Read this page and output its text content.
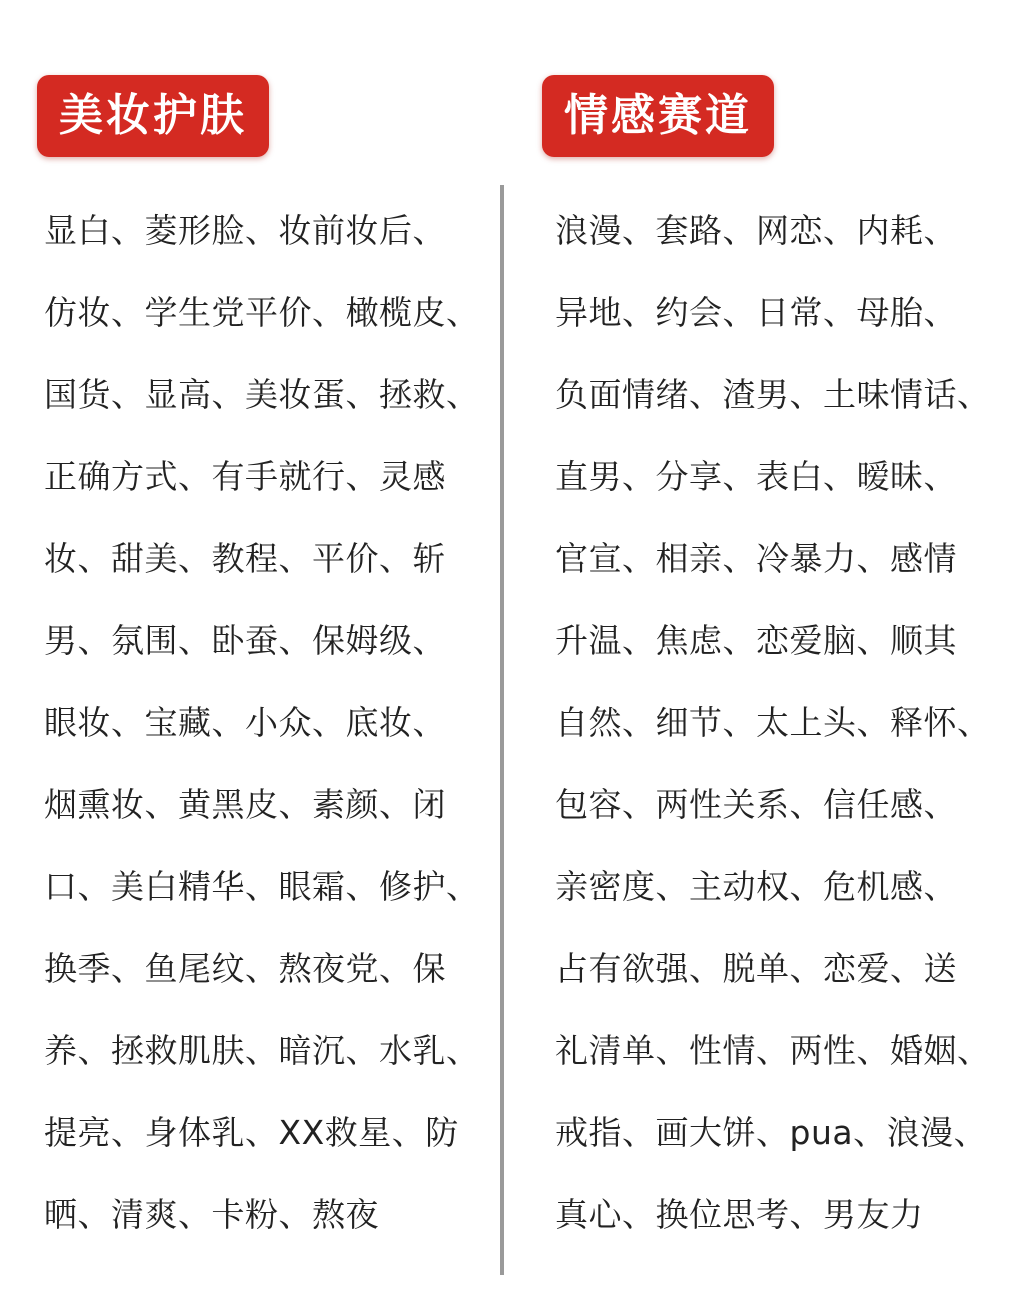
美妆护肤	情感赛道
显白、菱形脸、妆前妆后、
仿妆、学生党平价、橄榄皮、
国货、显高、美妆蛋、拯救、
正确方式、有手就行、灵感
妆、甜美、教程、平价、斩
男、氛围、卧蚕、保姆级、
眼妆、宝藏、小众、底妆、
烟熏妆、黄黑皮、素颜、闭
口、美白精华、眼霜、修护、
换季、鱼尾纹、熬夜党、保
养、拯救肌肤、暗沉、水乳、
提亮、身体乳、XX救星、防
晒、清爽、卡粉、熬夜
浪漫、套路、网恋、内耗、
异地、约会、日常、母胎、
负面情绪、渣男、土味情话、
直男、分享、表白、暧昧、
官宣、相亲、冷暴力、感情
升温、焦虑、恋爱脑、顺其
自然、细节、太上头、释怀、
包容、两性关系、信任感、
亲密度、主动权、危机感、
占有欲强、脱单、恋爱、送
礼清单、性情、两性、婚姻、
戒指、画大饼、pua、浪漫、
真心、换位思考、男友力
